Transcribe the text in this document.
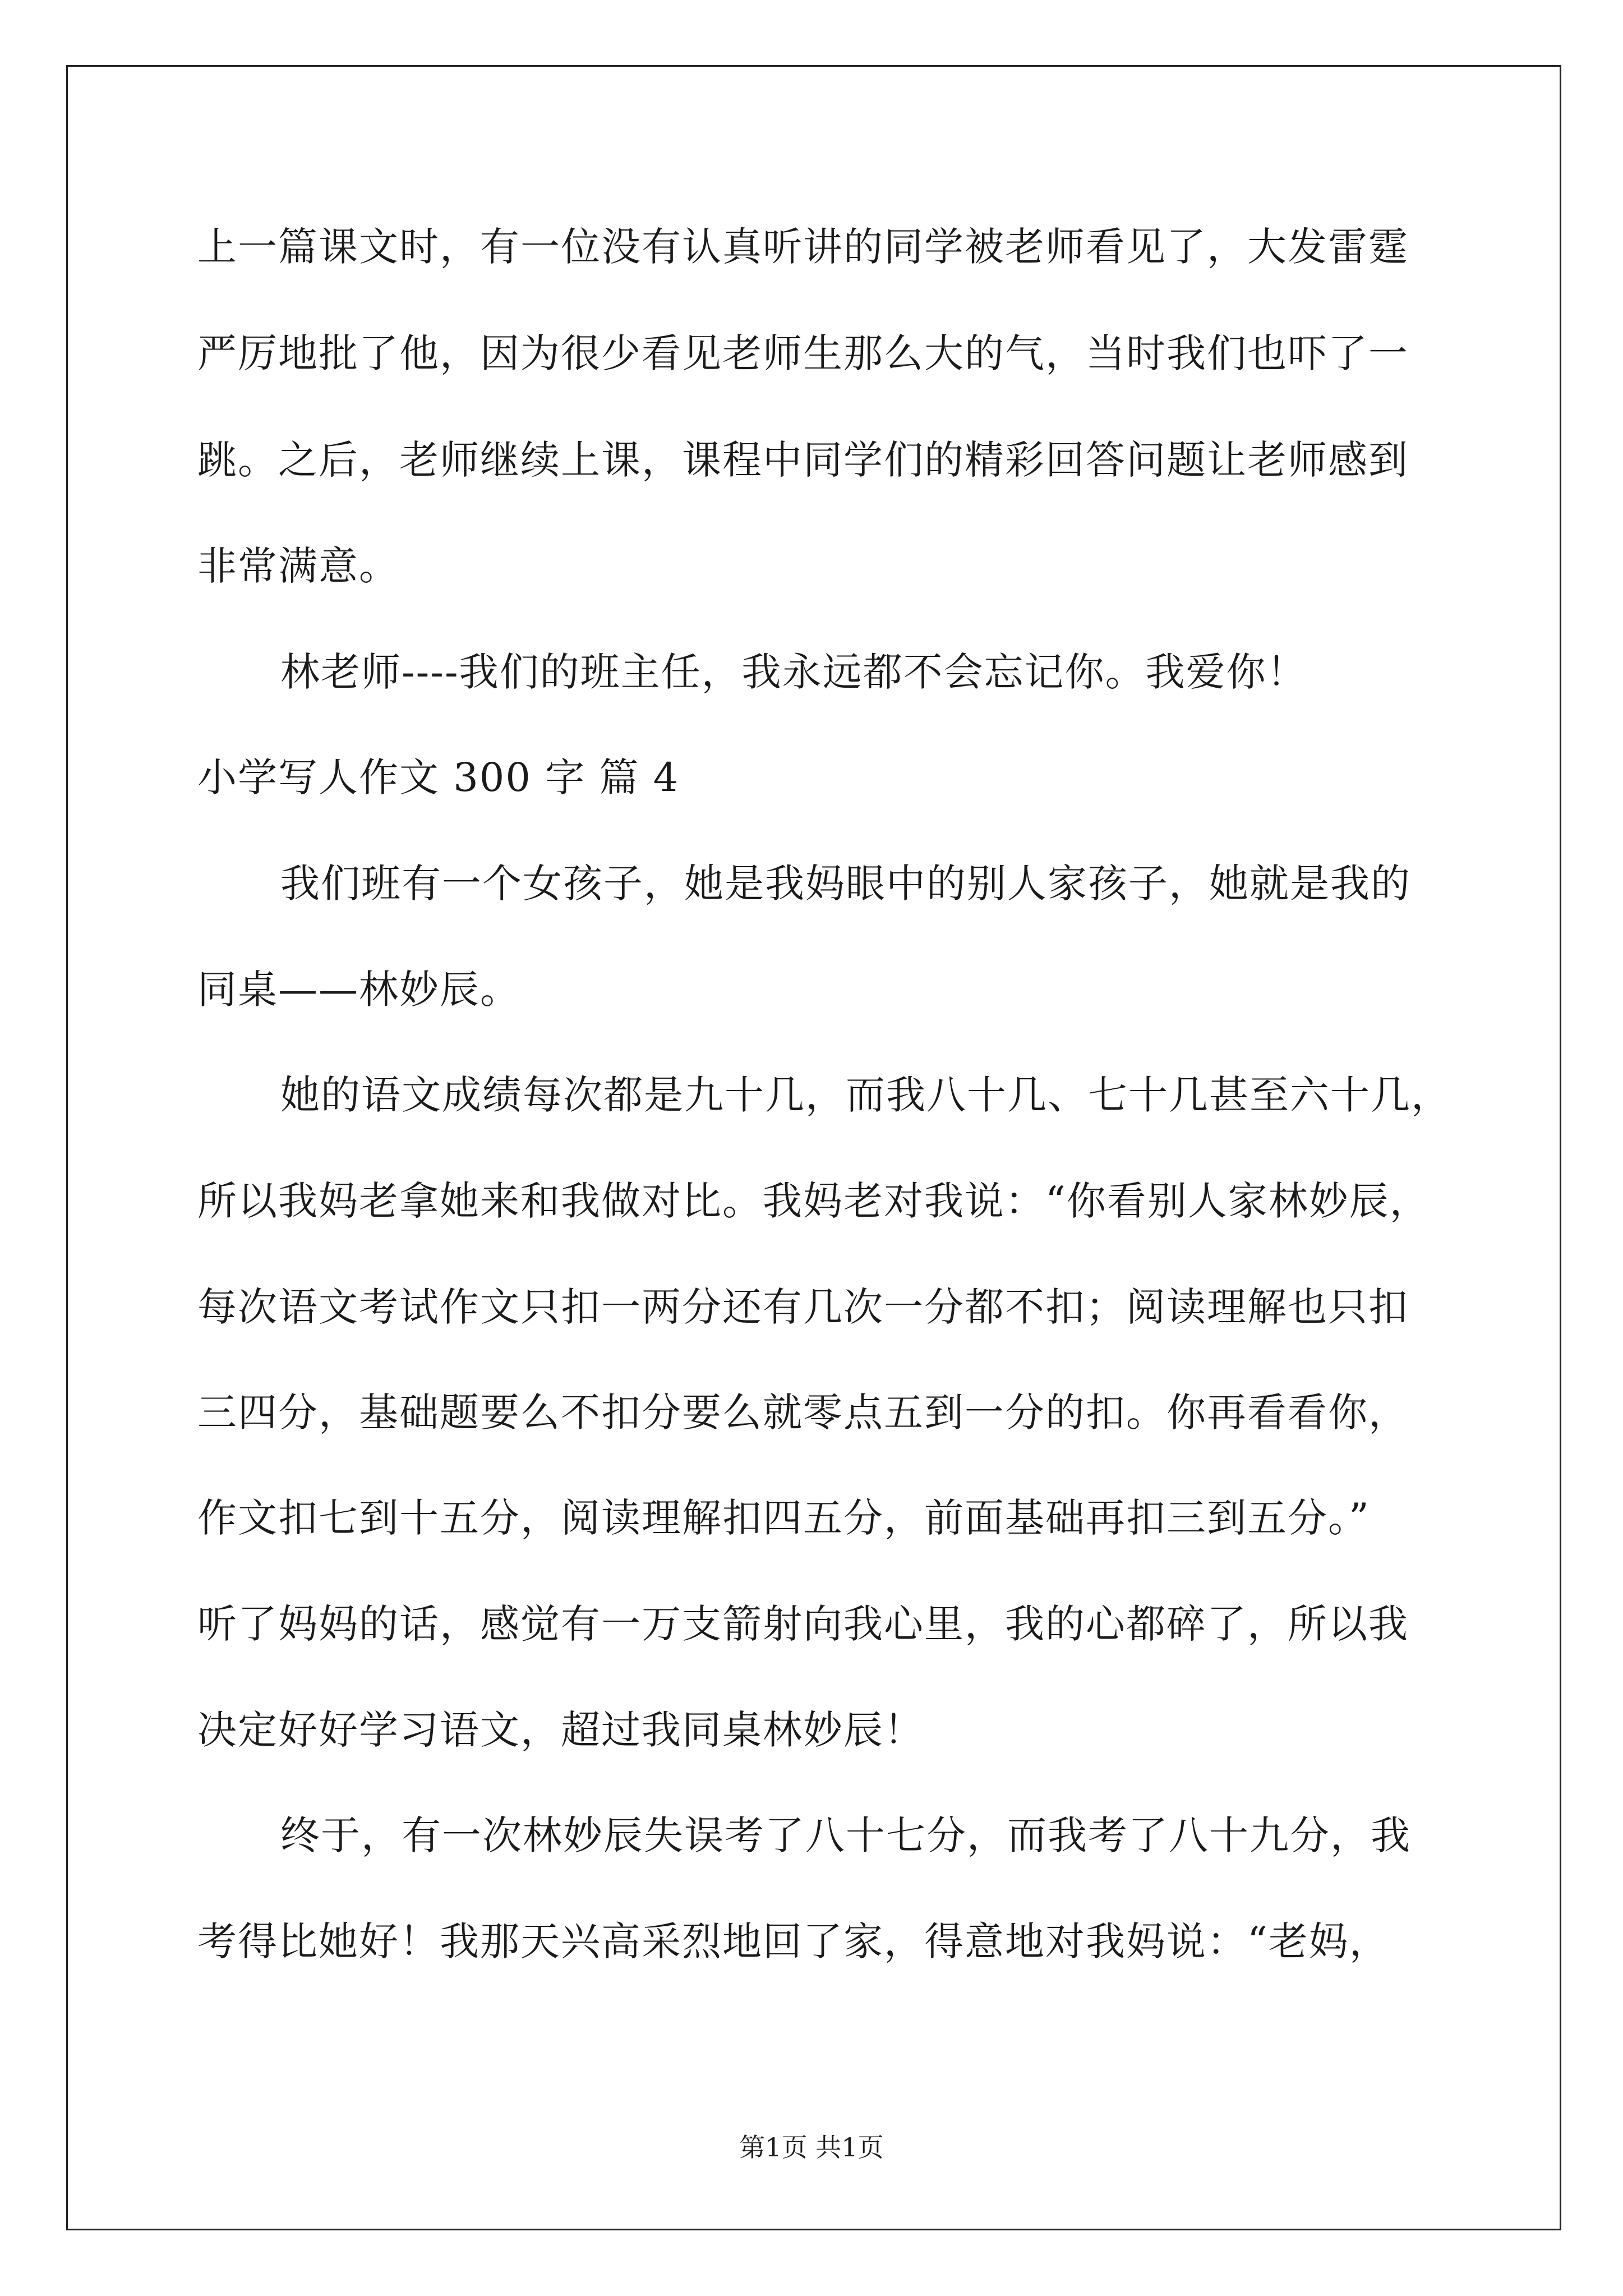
上一篇课文时，有一位没有认真听讲的同学被老师看见了，大发雷霆
严厉地批了他，因为很少看见老师生那么大的气，当时我们也吓了一
跳。之后，老师继续上课，课程中同学们的精彩回答问题让老师感到
非常满意。
林老师----我们的班主任，我永远都不会忘记你。我爱你！
小学写人作文 300 字 篇 4
我们班有一个女孩子，她是我妈眼中的别人家孩子，她就是我的
同桌——林妙辰。
她的语文成绩每次都是九十几，而我八十几、七十几甚至六十几，
所以我妈老拿她来和我做对比。我妈老对我说：“你看别人家林妙辰，
每次语文考试作文只扣一两分还有几次一分都不扣；阅读理解也只扣
三四分，基础题要么不扣分要么就零点五到一分的扣。你再看看你，
作文扣七到十五分，阅读理解扣四五分，前面基础再扣三到五分。”
听了妈妈的话，感觉有一万支箭射向我心里，我的心都碎了，所以我
决定好好学习语文，超过我同桌林妙辰！
终于，有一次林妙辰失误考了八十七分，而我考了八十九分，我
考得比她好！我那天兴高采烈地回了家，得意地对我妈说：“老妈，
第1页 共1页
